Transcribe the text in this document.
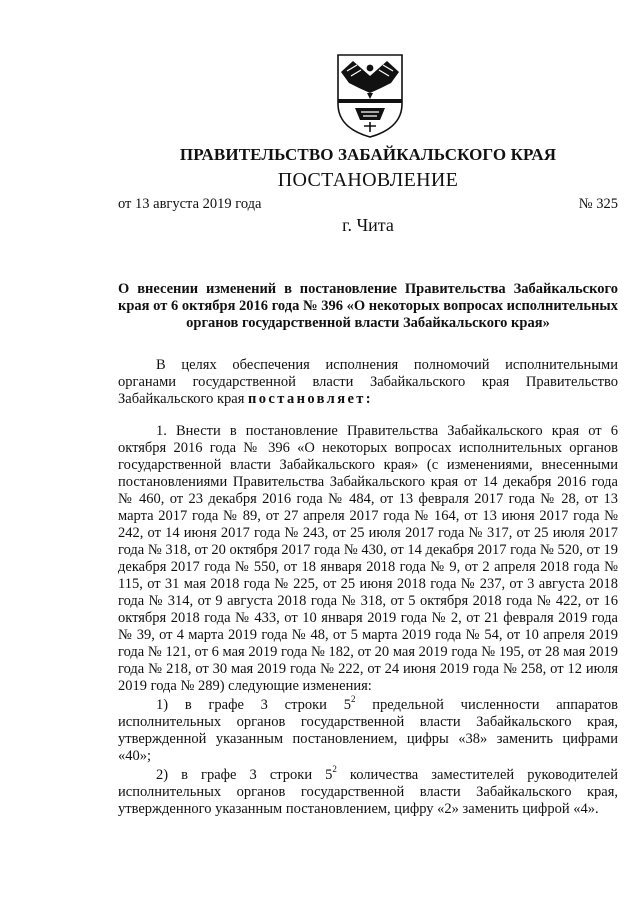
ПРАВИТЕЛЬСТВО ЗАБАЙКАЛЬСКОГО КРАЯ
ПОСТАНОВЛЕНИЕ
от 13 августа 2019 года	№ 325
г. Чита

О внесении изменений в постановление Правительства Забайкальского края от 6 октября 2016 года № 396 «О некоторых вопросах исполнительных органов государственной власти Забайкальского края»

В целях обеспечения исполнения полномочий исполнительными органами государственной власти Забайкальского края Правительство Забайкальского края постановляет:

1. Внести в постановление Правительства Забайкальского края от 6 октября 2016 года № 396 «О некоторых вопросах исполнительных органов государственной власти Забайкальского края» (с изменениями, внесенными постановлениями Правительства Забайкальского края от 14 декабря 2016 года № 460, от 23 декабря 2016 года № 484, от 13 февраля 2017 года № 28, от 13 марта 2017 года № 89, от 27 апреля 2017 года № 164, от 13 июня 2017 года № 242, от 14 июня 2017 года № 243, от 25 июля 2017 года № 317, от 25 июля 2017 года № 318, от 20 октября 2017 года № 430, от 14 декабря 2017 года № 520, от 19 декабря 2017 года № 550, от 18 января 2018 года № 9, от 2 апреля 2018 года № 115, от 31 мая 2018 года № 225, от 25 июня 2018 года № 237, от 3 августа 2018 года № 314, от 9 августа 2018 года № 318, от 5 октября 2018 года № 422, от 16 октября 2018 года № 433, от 10 января 2019 года № 2, от 21 февраля 2019 года № 39, от 4 марта 2019 года № 48, от 5 марта 2019 года № 54, от 10 апреля 2019 года № 121, от 6 мая 2019 года № 182, от 20 мая 2019 года № 195, от 28 мая 2019 года № 218, от 30 мая 2019 года № 222, от 24 июня 2019 года № 258, от 12 июля 2019 года № 289) следующие изменения:

1) в графе 3 строки $5^2$ предельной численности аппаратов исполнительных органов государственной власти Забайкальского края, утвержденной указанным постановлением, цифры «38» заменить цифрами «40»;

2) в графе 3 строки $5^2$ количества заместителей руководителей исполнительных органов государственной власти Забайкальского края, утвержденного указанным постановлением, цифру «2» заменить цифрой «4».
